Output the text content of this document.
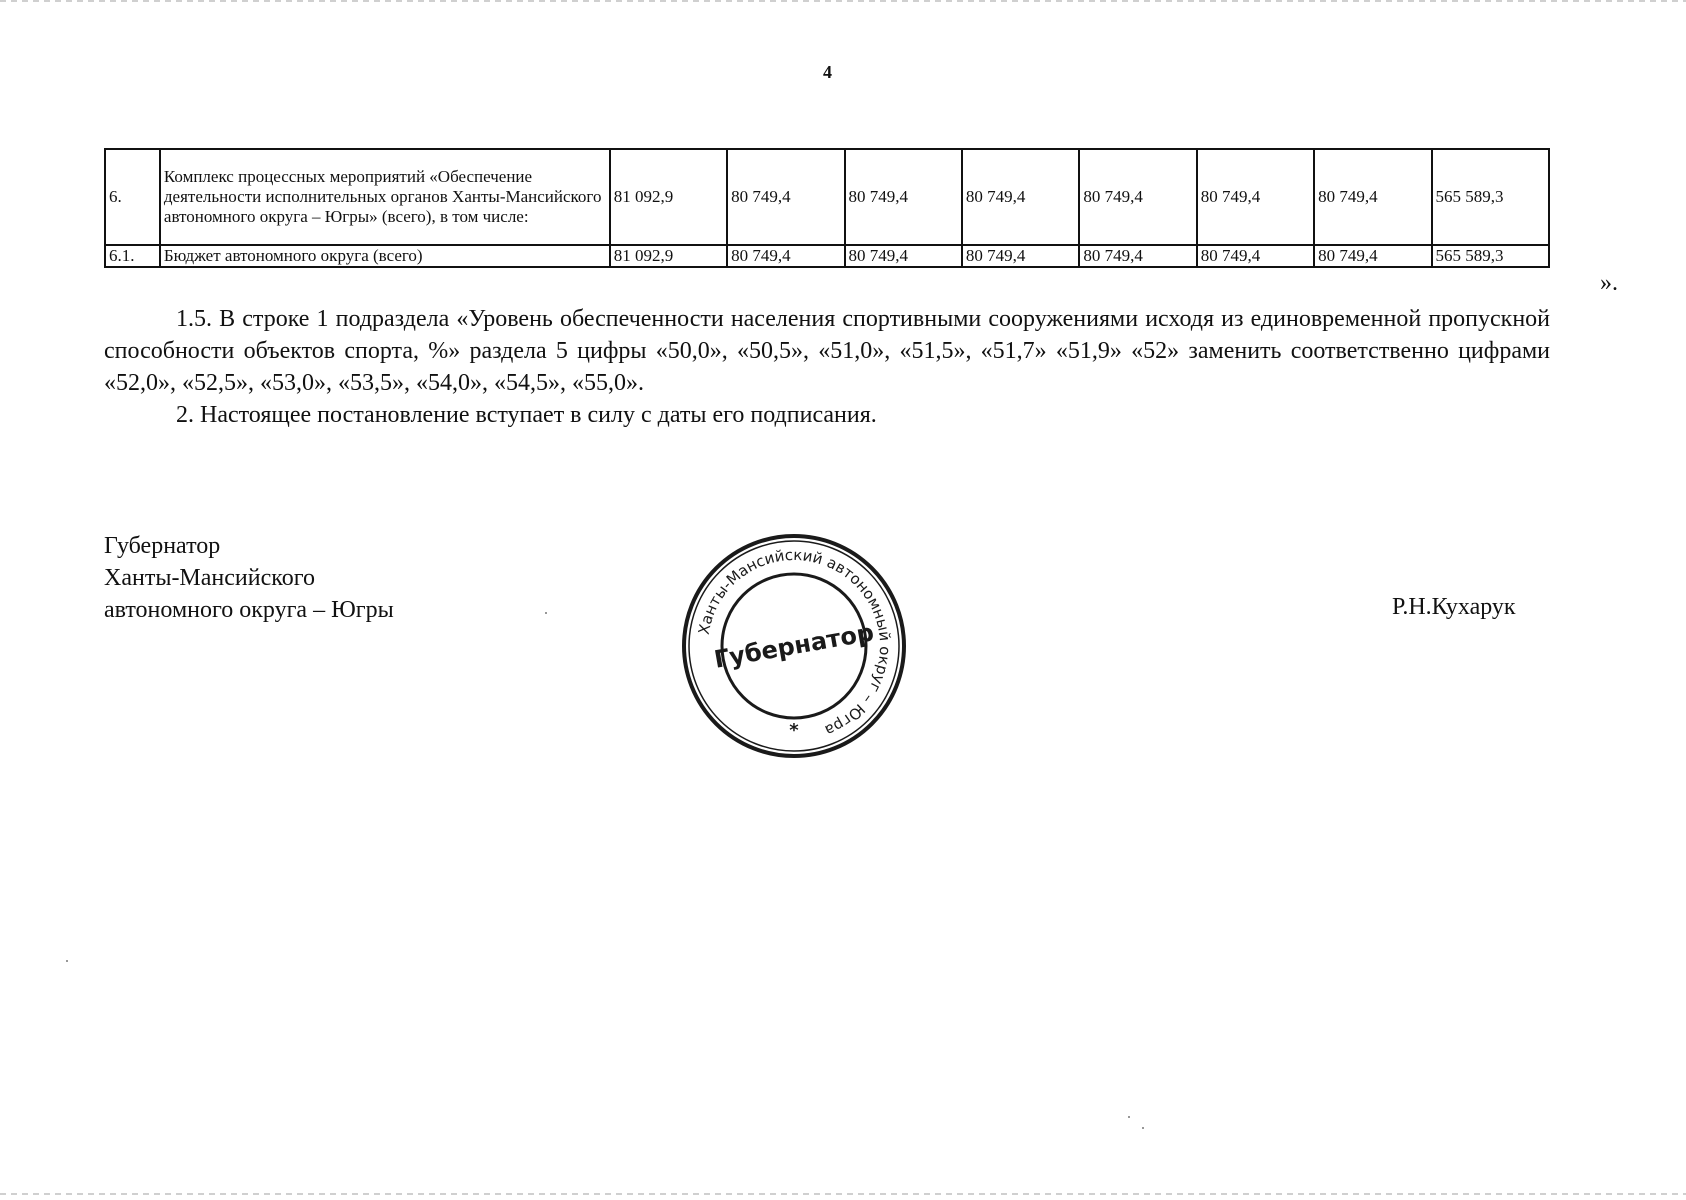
4
6.	Комплекс процессных мероприятий «Обеспечение деятельности исполнительных органов Ханты-Мансийского автономного округа – Югры» (всего), в том числе:	81 092,9	80 749,4	80 749,4	80 749,4	80 749,4	80 749,4	80 749,4	565 589,3
6.1.	Бюджет автономного округа (всего)	81 092,9	80 749,4	80 749,4	80 749,4	80 749,4	80 749,4	80 749,4	565 589,3
».

1.5. В строке 1 подраздела «Уровень обеспеченности населения спортивными сооружениями исходя из единовременной пропускной способности объектов спорта, %» раздела 5 цифры «50,0», «50,5», «51,0», «51,5», «51,7» «51,9» «52» заменить соответственно цифрами «52,0», «52,5», «53,0», «53,5», «54,0», «54,5», «55,0».

2. Настоящее постановление вступает в силу с даты его подписания.

Губернатор
Ханты-Мансийского
автономного округа – Югры
Ханты-Мансийский автономный округ – Югра
Губернатор
*
Р.Н.Кухарук
